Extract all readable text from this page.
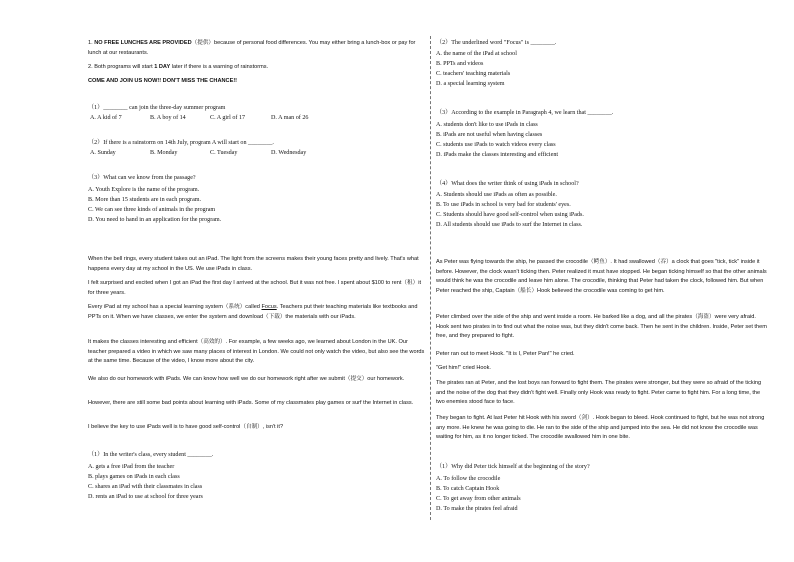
1. NO FREE LUNCHES ARE PROVIDED（提供）because of personal food differences. You may either bring a lunch-box or pay for lunch at our restaurants.
2. Both programs will start 1 DAY later if there is a warning of rainstorms.
COME AND JOIN US NOW!! DON'T MISS THE CHANCE!!
（1）________ can join the three-day summer program
A. A kid of 7	B. A boy of 14	C. A girl of 17	D. A man of 26
（2）If there is a rainstorm on 14th July, program A will start on ________.
A. Sunday	B. Monday	C. Tuesday	D. Wednesday
（3）What can we know from the passage?
A. Youth Explore is the name of the program.
B. More than 15 students are in each program.
C. We can see three kinds of animals in the program
D. You need to hand in an application for the program.
When the bell rings, every student takes out an iPad. The light from the screens makes their young faces pretty and lively. That's what happens every day at my school in the US. We use iPads in class.
I felt surprised and excited when I got an iPad the first day I arrived at the school. But it was not free. I spent about $100 to rent（租）it for three years.
Every iPad at my school has a special learning system（系统）called Focus. Teachers put their teaching materials like textbooks and PPTs on it. When we have classes, we enter the system and download（下载）the materials with our iPads.
It makes the classes interesting and efficient（高效的）. For example, a few weeks ago, we learned about London in the UK. Our teacher prepared a video in which we saw many places of interest in London. We could not only watch the video, but also see the words at the same time. Because of the video, I know more about the city.
We also do our homework with iPads. We can know how well we do our homework right after we submit（提交）our homework.
However, there are still some bad points about learning with iPads. Some of my classmates play games or surf the Internet in class.
I believe the key to use iPads well is to have good self-control（自制）, isn't it?
（1）In the writer's class, every student ________.
A. gets a free iPad from the teacher
B. plays games on iPads in each class
C. shares an iPad with their classmates in class
D. rents an iPad to use at school for three years
（2）The underlined word "Focus" is ________.
A. the name of the iPad at school
B. PPTs and videos
C. teachers' teaching materials
D. a special learning system
（3）According to the example in Paragraph 4, we learn that ________.
A. students don't like to use iPads in class
B. iPads are not useful when having classes
C. students use iPads to watch videos every class
D. iPads make the classes interesting and efficient
（4）What does the writer think of using iPads in school?
A. Students should use iPads as often as possible.
B. To use iPads in school is very bad for students' eyes.
C. Students should have good self-control when using iPads.
D. All students should use iPads to surf the Internet in class.
As Peter was flying towards the ship, he passed the crocodile（鳄鱼）. It had swallowed（吞）a clock that goes "tick, tick" inside it before. However, the clock wasn't ticking then. Peter realized it must have stopped. He began ticking himself so that the other animals would think he was the crocodile and leave him alone. The crocodile, thinking that Peter had taken the clock, followed him. But when Peter reached the ship, Captain（船长）Hook believed the crocodile was coming to get him.
Peter climbed over the side of the ship and went inside a room. He barked like a dog, and all the pirates（海盗）were very afraid. Hook sent two pirates in to find out what the noise was, but they didn't come back. Then he sent in the children. Inside, Peter set them free, and they prepared to fight.
Peter ran out to meet Hook. "It is I, Peter Pan!" he cried.
"Get him!" cried Hook.
The pirates ran at Peter, and the lost boys ran forward to fight them. The pirates were stronger, but they were so afraid of the ticking and the noise of the dog that they didn't fight well. Finally only Hook was ready to fight. Peter came to fight him. For a long time, the two enemies stood face to face.
They began to fight. At last Peter hit Hook with his sword（剑）. Hook began to bleed. Hook continued to fight, but he was not strong any more. He knew he was going to die. He ran to the side of the ship and jumped into the sea. He did not know the crocodile was waiting for him, as it no longer ticked. The crocodile swallowed him in one bite.
（1）Why did Peter tick himself at the beginning of the story?
A. To follow the crocodile
B. To catch Captain Hook
C. To get away from other animals
D. To make the pirates feel afraid
